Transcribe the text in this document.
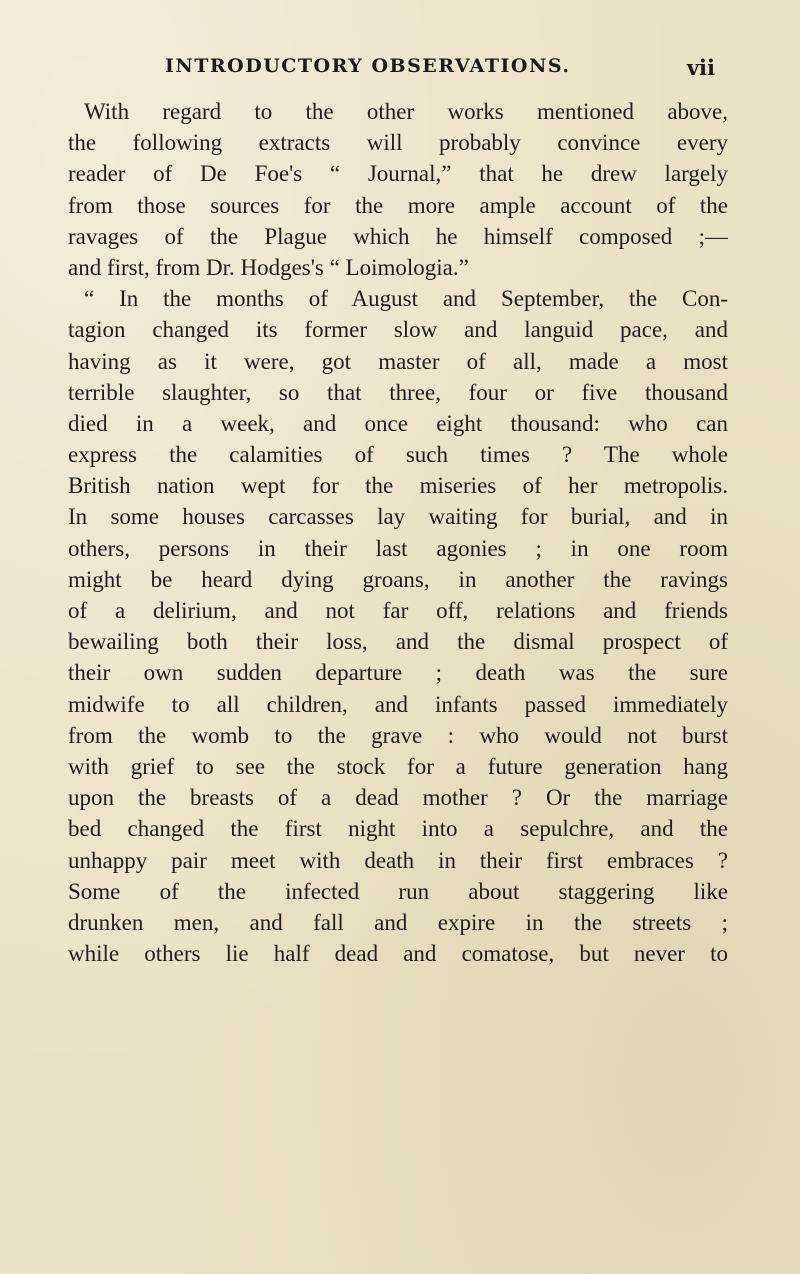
INTRODUCTORY OBSERVATIONS.	vii
With regard to the other works mentioned above,
the following extracts will probably convince every
reader of De Foe's “ Journal,” that he drew largely
from those sources for the more ample account of the
ravages of the Plague which he himself composed ;—
and first, from Dr. Hodges's “ Loimologia.”
“ In the months of August and September, the Con-
tagion changed its former slow and languid pace, and
having as it were, got master of all, made a most
terrible slaughter, so that three, four or five thousand
died in a week, and once eight thousand: who can
express the calamities of such times ? The whole
British nation wept for the miseries of her metropolis.
In some houses carcasses lay waiting for burial, and in
others, persons in their last agonies ; in one room
might be heard dying groans, in another the ravings
of a delirium, and not far off, relations and friends
bewailing both their loss, and the dismal prospect of
their own sudden departure ; death was the sure
midwife to all children, and infants passed immediately
from the womb to the grave : who would not burst
with grief to see the stock for a future generation hang
upon the breasts of a dead mother ? Or the marriage
bed changed the first night into a sepulchre, and the
unhappy pair meet with death in their first embraces ?
Some of the infected run about staggering like
drunken men, and fall and expire in the streets ;
while others lie half dead and comatose, but never to
